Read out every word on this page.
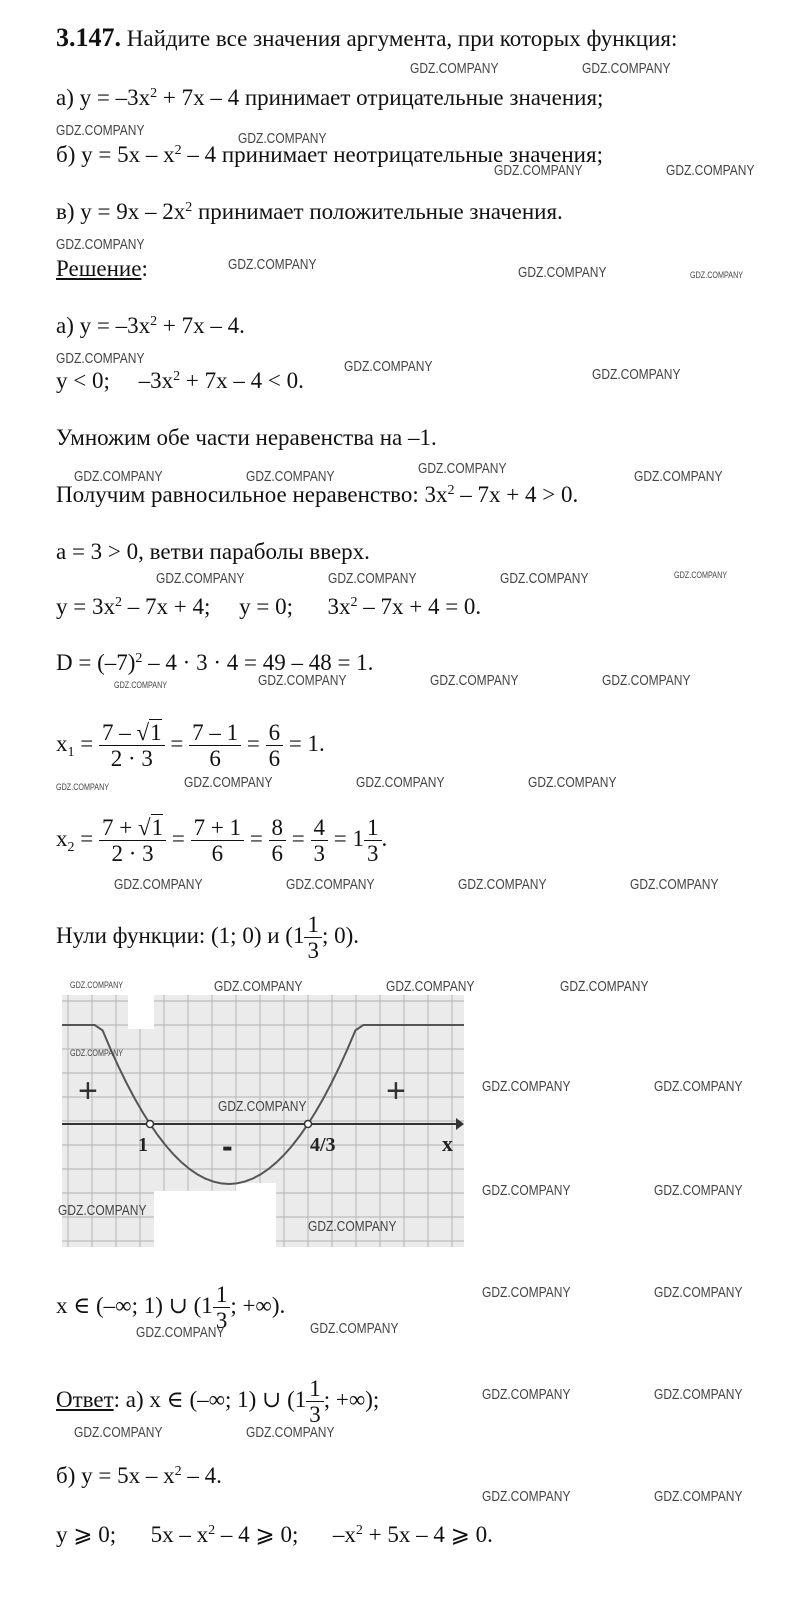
3.147. Найдите все значения аргумента, при которых функция:
а) $y = -3x^2 + 7x - 4$ принимает отрицательные значения;
б) $y = 5x - x^2 - 4$ принимает неотрицательные значения;
в) $y = 9x - 2x^2$ принимает положительные значения.
Решение:
а) $y = -3x^2 + 7x - 4$.
y < 0;     $-3x^2 + 7x - 4 < 0$.
Умножим обе части неравенства на –1.
Получим равносильное неравенство: $3x^2 - 7x + 4 > 0$.
a = 3 > 0, ветви параболы вверх.
$y = 3x^2 - 7x + 4$;     y = 0;      $3x^2 - 7x + 4 = 0$.
$D = (-7)^2 - 4 \cdot 3 \cdot 4 = 49 - 48 = 1$.
$x_1 = \frac{7 - √1}{2 \cdot 3} = \frac{7 - 1}{6} = \frac{6}{6} = 1$.
$x_2 = \frac{7 + √1}{2 \cdot 3} = \frac{7 + 1}{6} = \frac{8}{6} = \frac{4}{3} = 1 \frac{1}{3}$ .
Нули функции: (1; 0) и ($1 \frac{1}{3}$ ; 0).
+	+
-
1	4/3	x
x ∈ (–∞; 1) ∪ ($1 \frac{1}{3}$ ; +∞).
Ответ: а) x ∈ (–∞; 1) ∪ ($1 \frac{1}{3}$ ; +∞);
б) $y = 5x - x^2 - 4$.
y ⩾ 0;      $5x - x^2 - 4$ ⩾ 0;      $-x^2 + 5x - 4$ ⩾ 0.
GDZ.COMPANY	GDZ.COMPANY
GDZ.COMPANY	GDZ.COMPANY
GDZ.COMPANY	GDZ.COMPANY
GDZ.COMPANY
GDZ.COMPANY	GDZ.COMPANY	GDZ.COMPANY
GDZ.COMPANY	GDZ.COMPANY	GDZ.COMPANY
GDZ.COMPANY	GDZ.COMPANY	GDZ.COMPANY	GDZ.COMPANY
GDZ.COMPANY	GDZ.COMPANY	GDZ.COMPANY	GDZ.COMPANY
GDZ.COMPANY	GDZ.COMPANY	GDZ.COMPANY	GDZ.COMPANY
GDZ.COMPANY	GDZ.COMPANY	GDZ.COMPANY	GDZ.COMPANY
GDZ.COMPANY	GDZ.COMPANY	GDZ.COMPANY	GDZ.COMPANY
GDZ.COMPANY	GDZ.COMPANY	GDZ.COMPANY	GDZ.COMPANY
GDZ.COMPANY
GDZ.COMPANY
GDZ.COMPANY	GDZ.COMPANY
GDZ.COMPANY	GDZ.COMPANY
GDZ.COMPANY
GDZ.COMPANY
GDZ.COMPANY	GDZ.COMPANY
GDZ.COMPANY	GDZ.COMPANY
GDZ.COMPANY	GDZ.COMPANY
GDZ.COMPANY	GDZ.COMPANY
GDZ.COMPANY	GDZ.COMPANY
